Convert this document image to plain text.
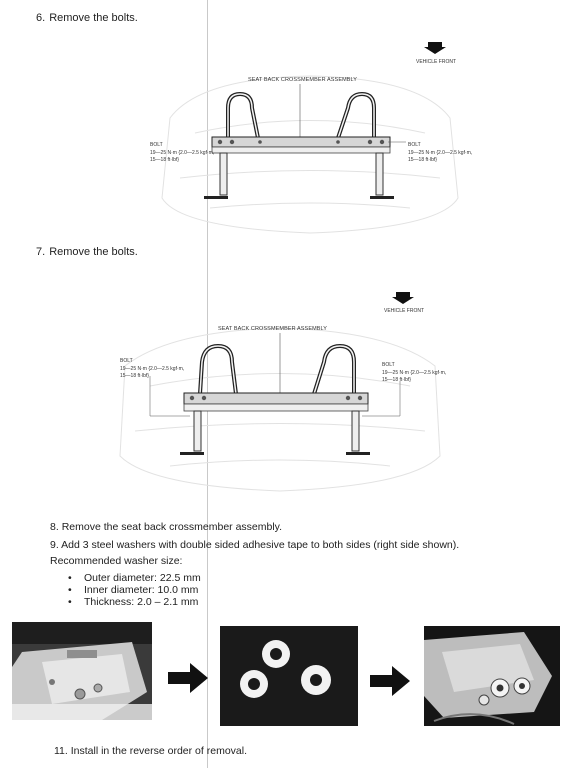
6. Remove the bolts.
VEHICLE FRONT
SEAT BACK CROSSMEMBER ASSEMBLY
BOLT
19—25 N·m {2.0—2.5 kgf·m,
15—18 ft·lbf}
BOLT
19—25 N·m {2.0—2.5 kgf·m,
15—18 ft·lbf}
7. Remove the bolts.
VEHICLE FRONT
SEAT BACK CROSSMEMBER ASSEMBLY
BOLT
19—25 N·m {2.0—2.5 kgf·m,
15—18 ft·lbf}
BOLT
19—25 N·m {2.0—2.5 kgf·m,
15—18 ft·lbf}
8. Remove the seat back crossmember assembly.
9. Add 3 steel washers with double sided adhesive tape to both sides (right side shown).
Recommended washer size:
• Outer diameter: 22.5 mm
• Inner diameter: 10.0 mm
• Thickness: 2.0 – 2.1 mm
11. Install in the reverse order of removal.
